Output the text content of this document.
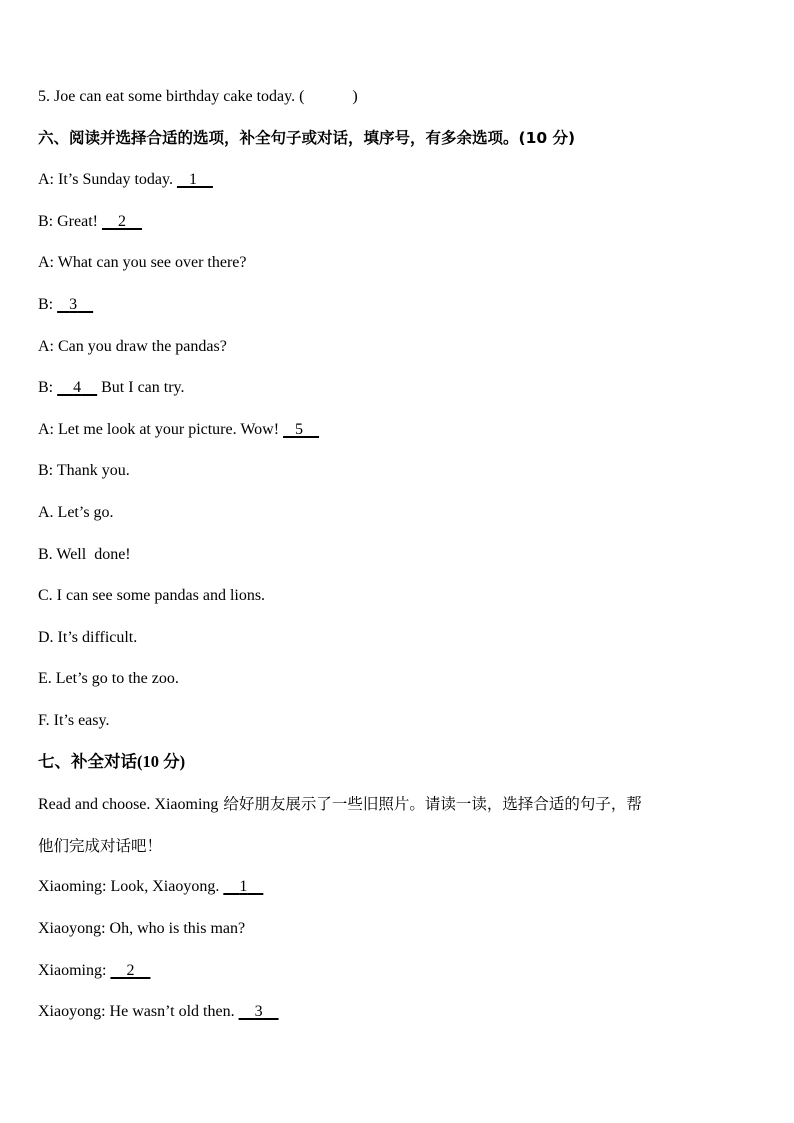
5. Joe can eat some birthday cake today. (            )
六、阅读并选择合适的选项，补全句子或对话，填序号，有多余选项。(10 分)
A: It’s Sunday today. 1
B: Great! 2
A: What can you see over there?
B: 3
A: Can you draw the pandas?
B: 4 But I can try.
A: Let me look at your picture. Wow! 5
B: Thank you.
A. Let’s go.
B. Well  done!
C. I can see some pandas and lions.
D. It’s difficult.
E. Let’s go to the zoo.
F. It’s easy.
七、补全对话(10 分)
Read and choose. Xiaoming 给好朋友展示了一些旧照片。请读一读，选择合适的句子，帮
他们完成对话吧！
Xiaoming: Look, Xiaoyong. 1
Xiaoyong: Oh, who is this man?
Xiaoming: 2
Xiaoyong: He wasn’t old then. 3
